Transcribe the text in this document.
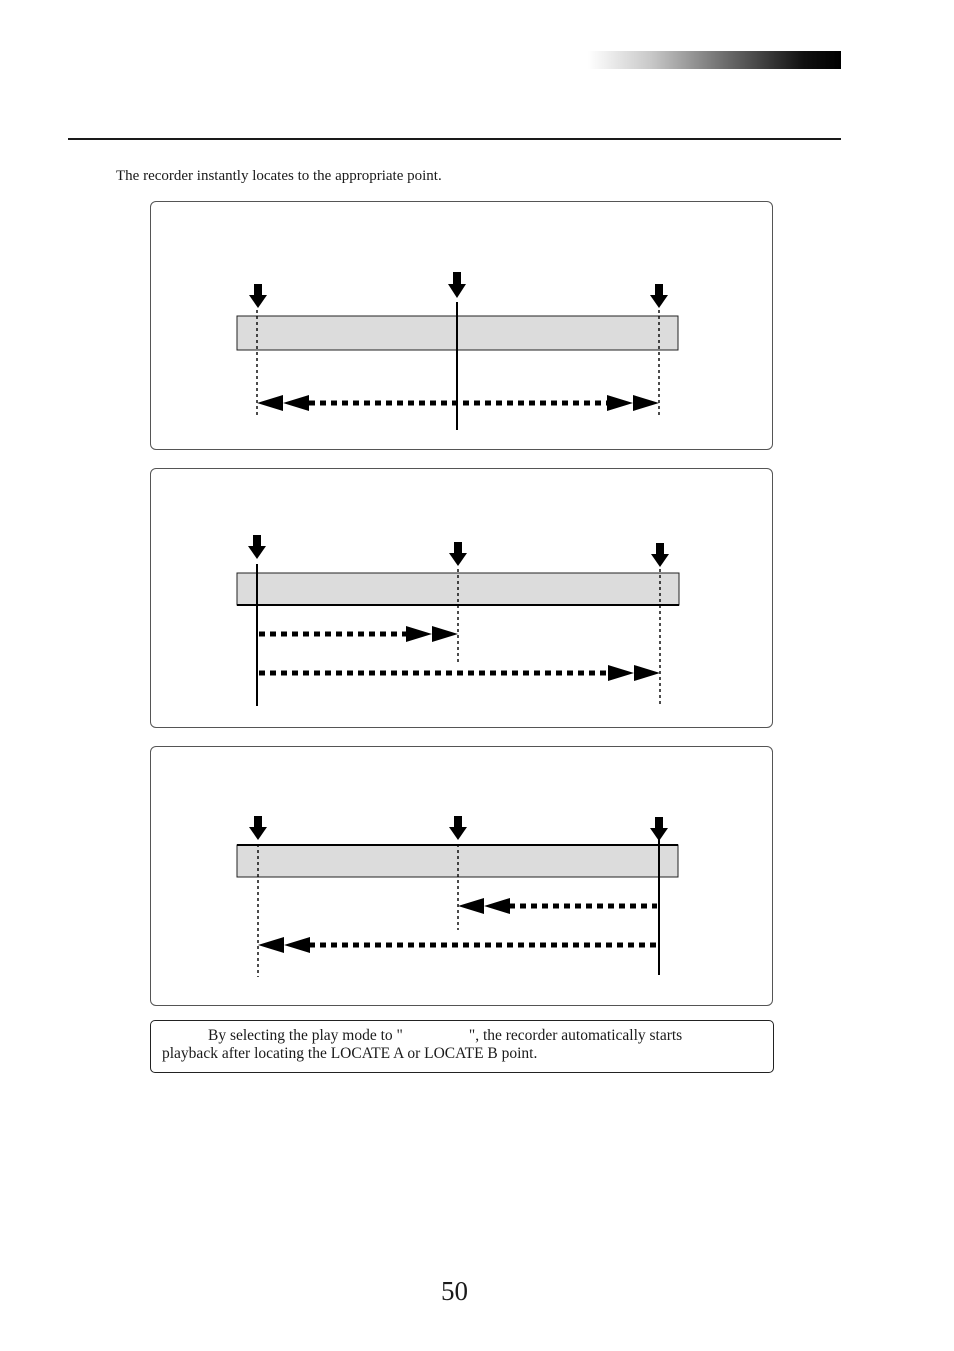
The recorder instantly locates to the appropriate point.
By selecting the play mode to "	", the recorder automatically starts
playback after locating the LOCATE A or LOCATE B point.
50
